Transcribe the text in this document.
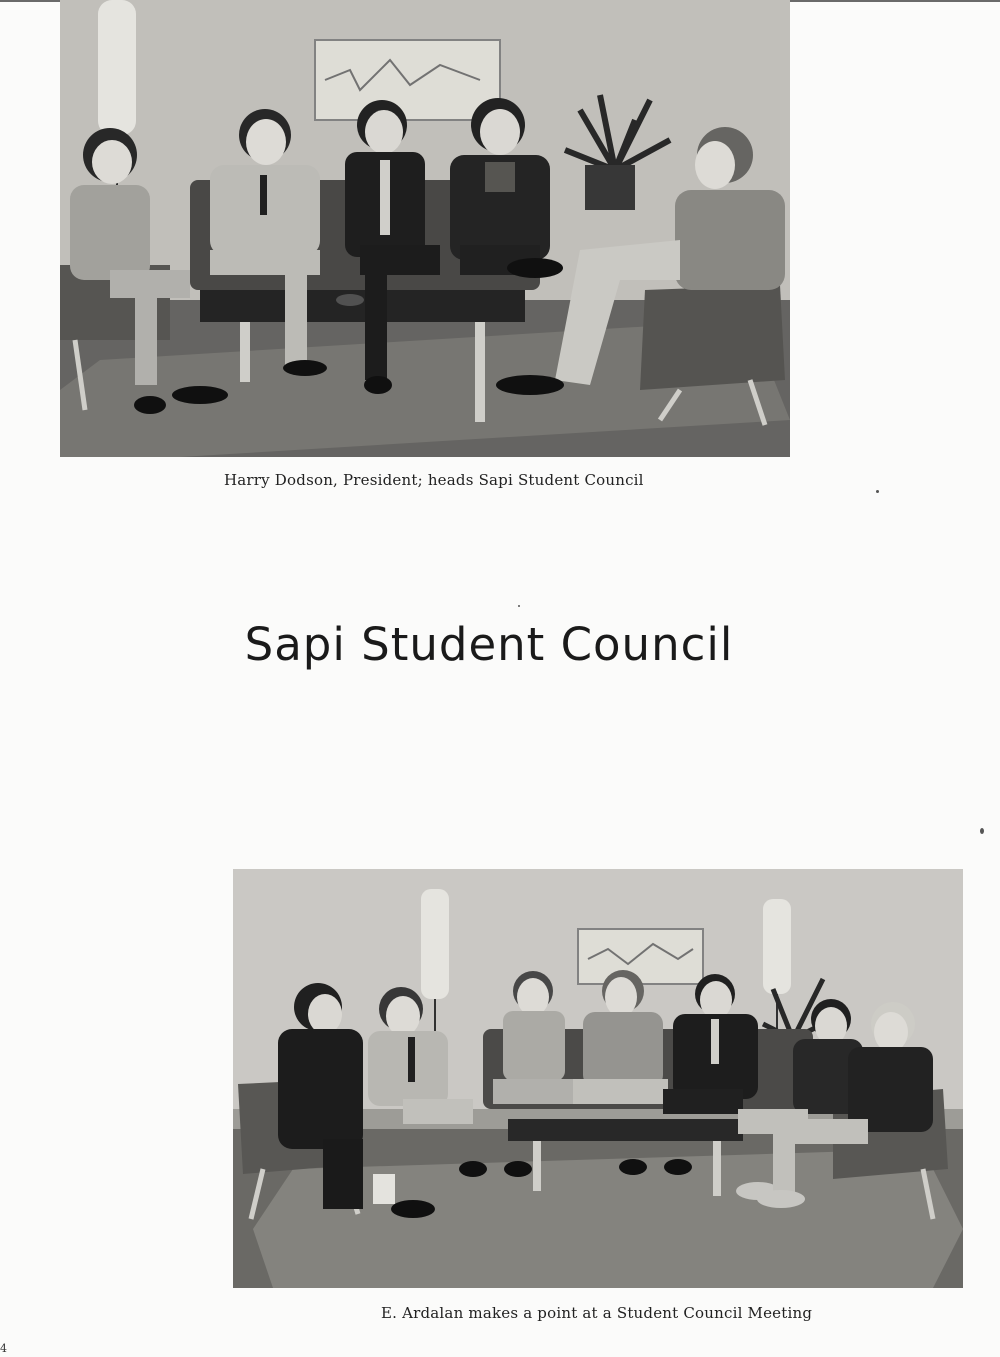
Harry Dodson, President; heads Sapi Student Council
Sapi Student Council
E. Ardalan makes a point at a Student Council Meeting
4
